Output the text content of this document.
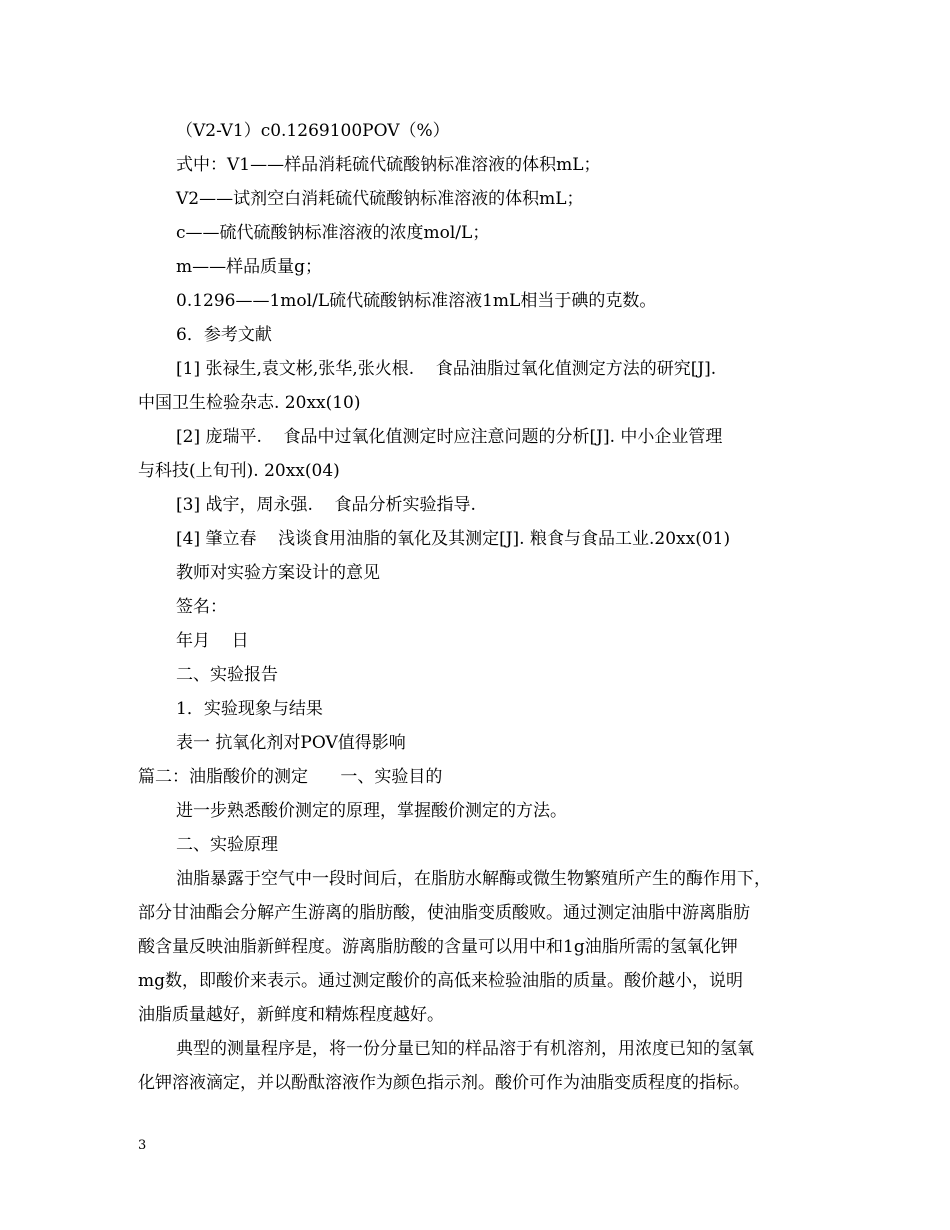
（V2-V1）c0.1269100POV（%）
式中：V1——样品消耗硫代硫酸钠标准溶液的体积mL；
V2——试剂空白消耗硫代硫酸钠标准溶液的体积mL；
c——硫代硫酸钠标准溶液的浓度mol/L；
m——样品质量g；
0.1296——1mol/L硫代硫酸钠标准溶液1mL相当于碘的克数。
6．参考文献
[1] 张禄生,袁文彬,张华,张火根.    食品油脂过氧化值测定方法的研究[J].
中国卫生检验杂志. 20xx(10)
[2] 庞瑞平.    食品中过氧化值测定时应注意问题的分析[J]. 中小企业管理
与科技(上旬刊). 20xx(04)
[3] 战宇，周永强.    食品分析实验指导.
[4] 肇立春    浅谈食用油脂的氧化及其测定[J]. 粮食与食品工业.20xx(01)
教师对实验方案设计的意见
签名：
年月    日
二、实验报告
1．实验现象与结果
表一 抗氧化剂对POV值得影响
篇二：油脂酸价的测定      一、实验目的
进一步熟悉酸价测定的原理，掌握酸价测定的方法。
二、实验原理
油脂暴露于空气中一段时间后，在脂肪水解酶或微生物繁殖所产生的酶作用下，
部分甘油酯会分解产生游离的脂肪酸，使油脂变质酸败。通过测定油脂中游离脂肪
酸含量反映油脂新鲜程度。游离脂肪酸的含量可以用中和1g油脂所需的氢氧化钾
mg数，即酸价来表示。通过测定酸价的高低来检验油脂的质量。酸价越小，说明
油脂质量越好，新鲜度和精炼程度越好。
典型的测量程序是，将一份分量已知的样品溶于有机溶剂，用浓度已知的氢氧
化钾溶液滴定，并以酚酞溶液作为颜色指示剂。酸价可作为油脂变质程度的指标。
3
